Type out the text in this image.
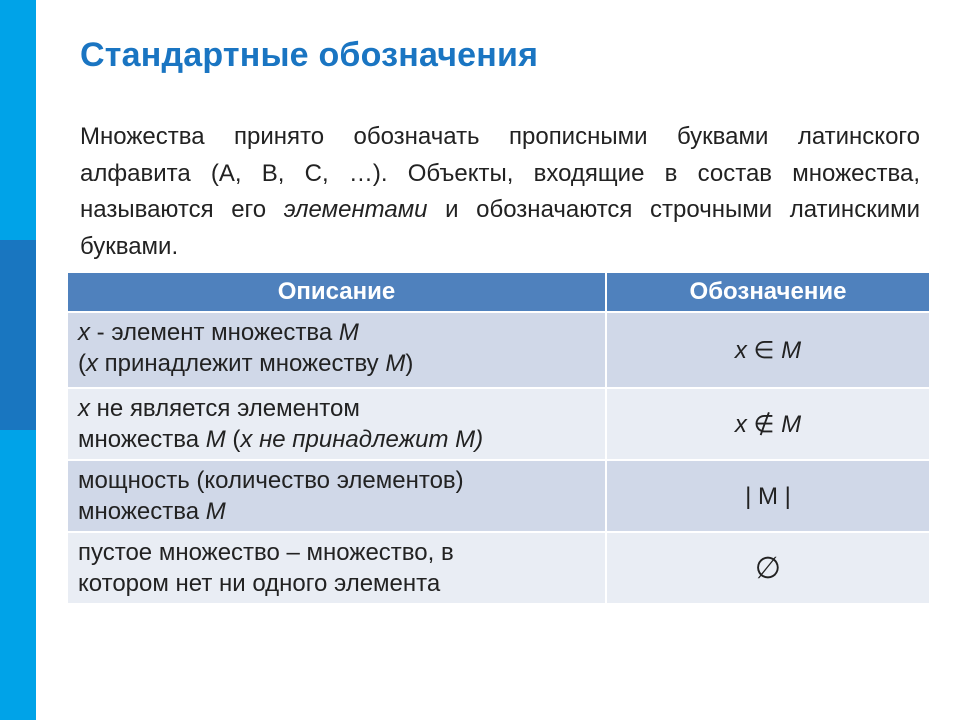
Стандартные обозначения

Множества принято обозначать прописными буквами латинского алфавита (А, В, С, …). Объекты, входящие в состав множества, называются его элементами и обозначаются строчными латинскими буквами.

Описание	Обозначение

x - элемент множества M
(x принадлежит множеству M)	x ∈ M

x не является элементом
множества M (x не принадлежит M)	x ∉ M

мощность (количество элементов)
множества M	| M |

пустое множество – множество, в
котором нет ни одного элемента	∅
